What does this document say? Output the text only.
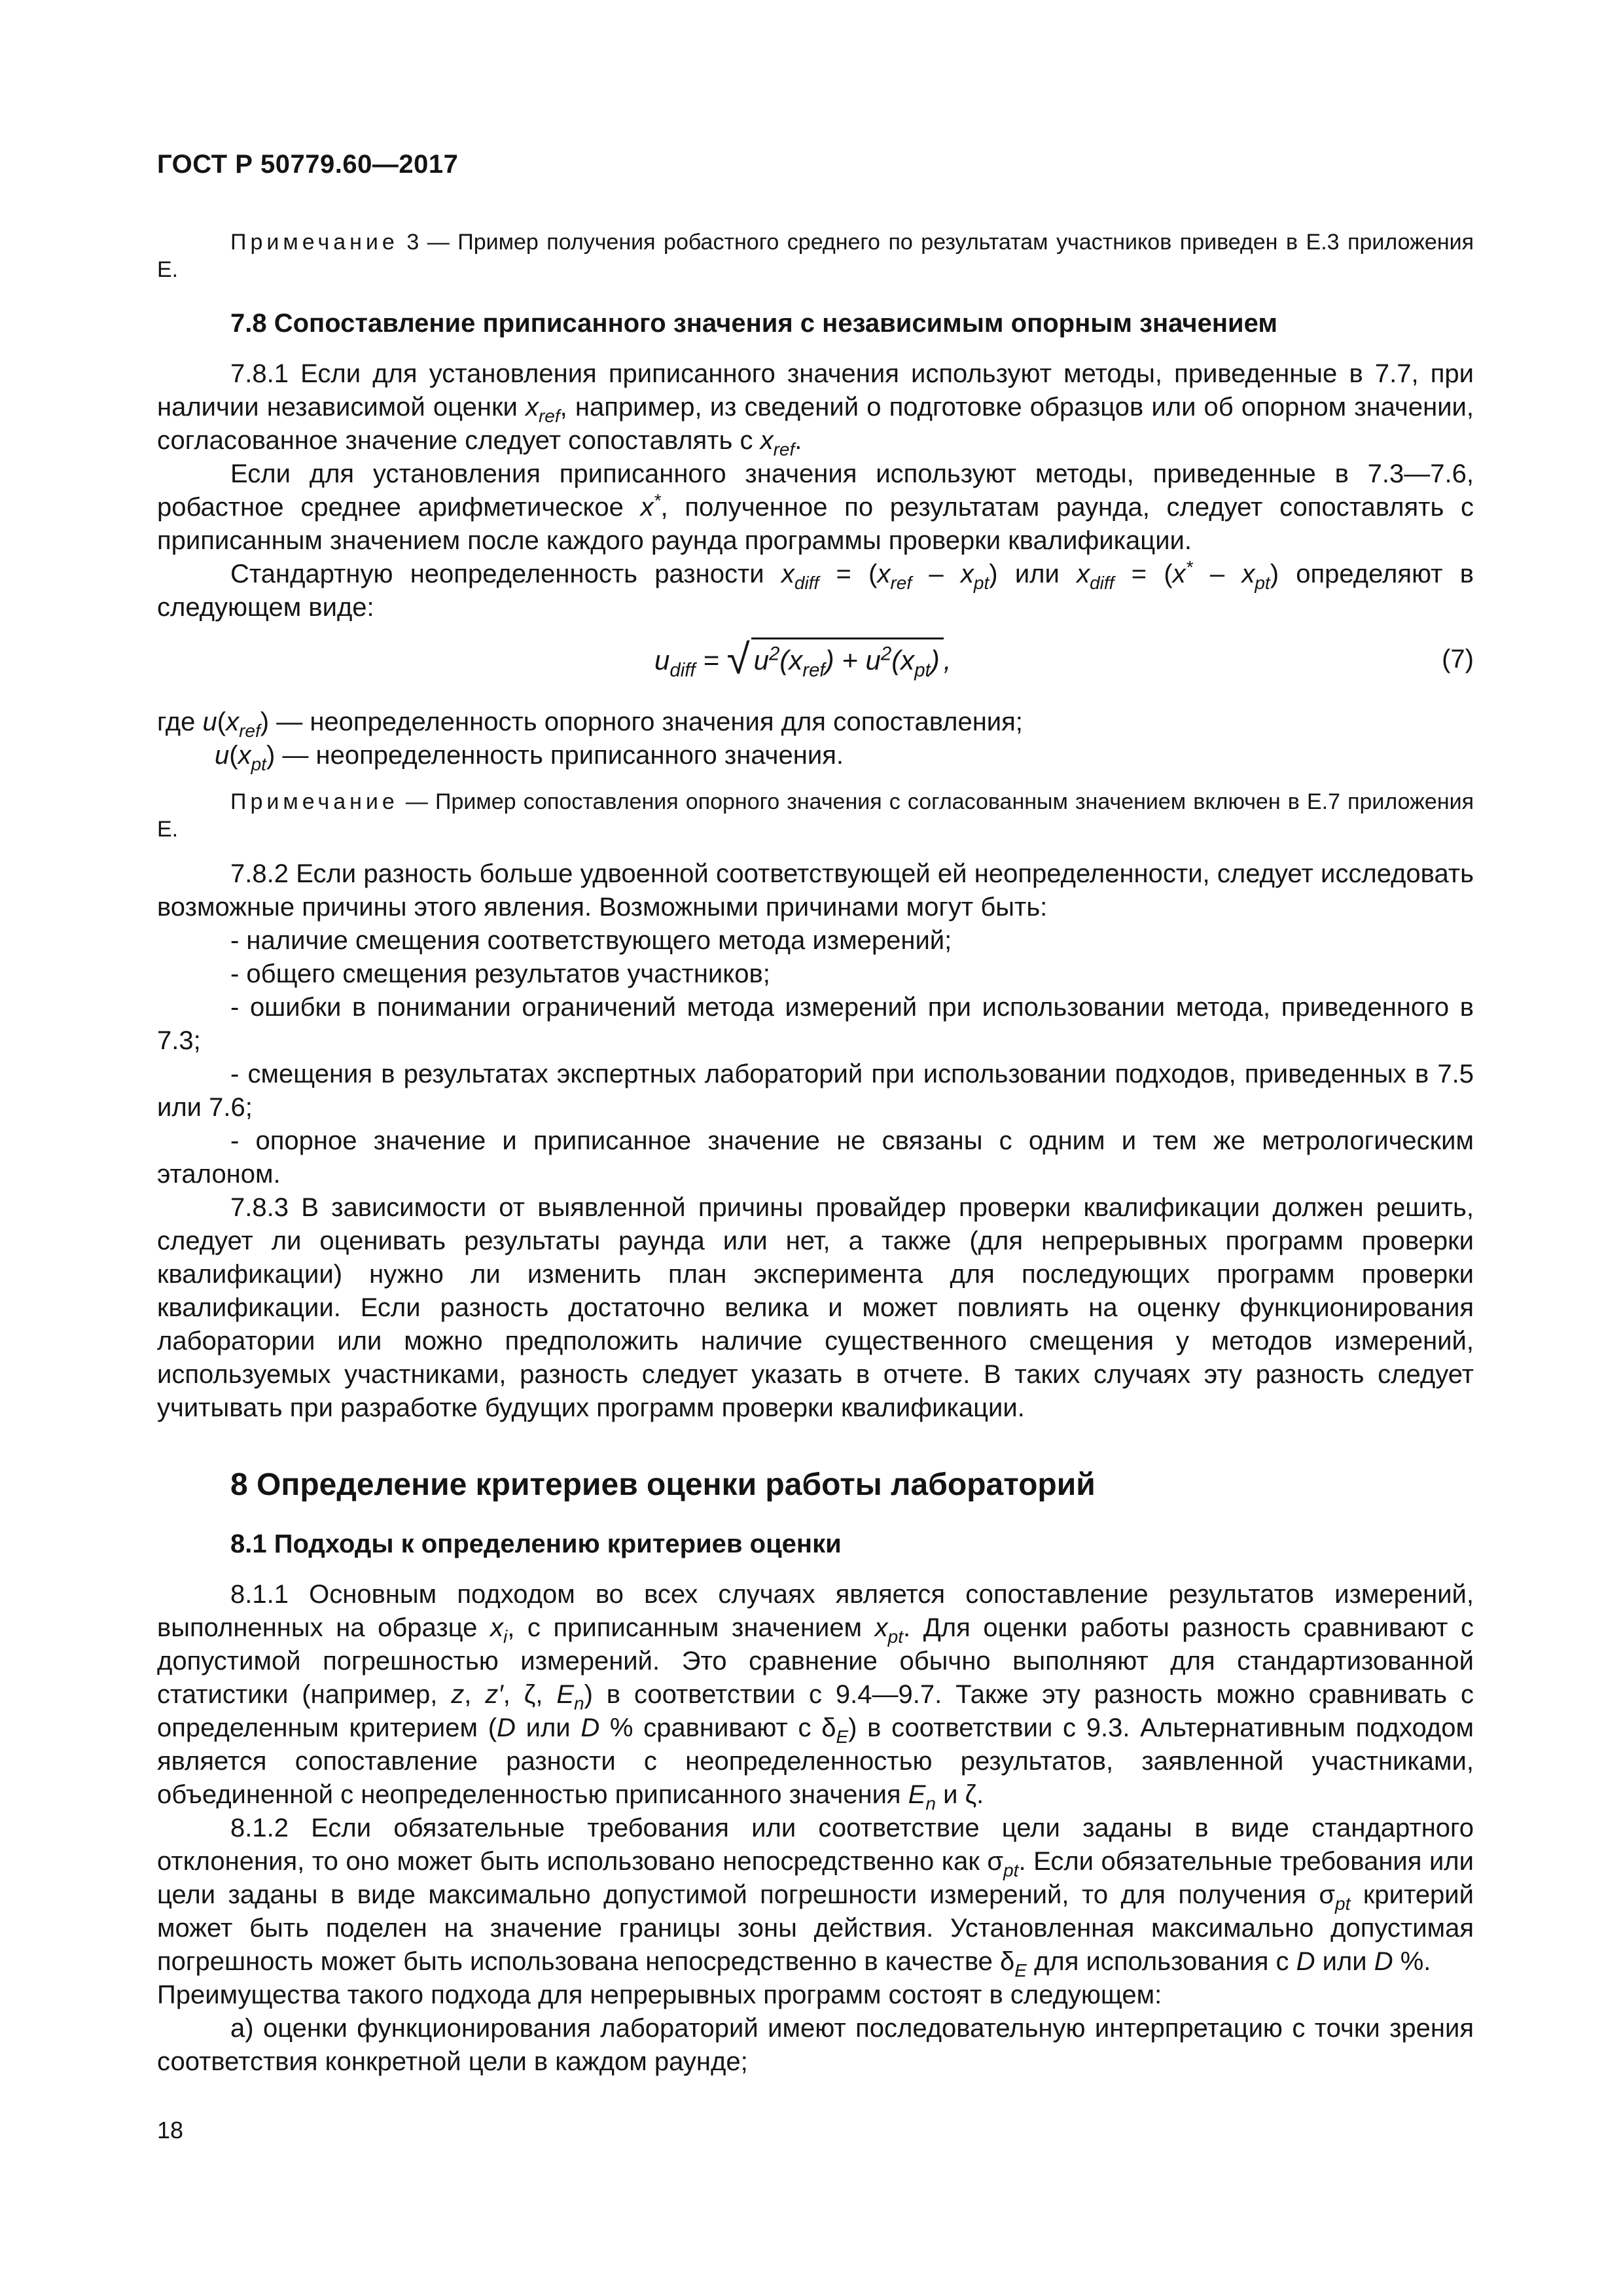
ГОСТ Р 50779.60—2017

Примечание 3 — Пример получения робастного среднего по результатам участников приведен в Е.3 приложения Е.

7.8 Сопоставление приписанного значения с независимым опорным значением

7.8.1 Если для установления приписанного значения используют методы, приведенные в 7.7, при наличии независимой оценки $x_{ref}$, например, из сведений о подготовке образцов или об опорном значении, согласованное значение следует сопоставлять с $x_{ref}$.

Если для установления приписанного значения используют методы, приведенные в 7.3—7.6, робастное среднее арифметическое x*, полученное по результатам раунда, следует сопоставлять с приписанным значением после каждого раунда программы проверки квалификации.

Стандартную неопределенность разности $x_{diff} = (x_{ref} - x_{pt})$ или $x_{diff} = (x^* - x_{pt})$ определяют в следующем виде:

$u_{diff}$ = √ $u^2(x_{ref}) + u^2(x_{pt})$ ,	(7)

где $u(x_{ref})$ — неопределенность опорного значения для сопоставления;

$u(x_{pt})$ — неопределенность приписанного значения.

Примечание — Пример сопоставления опорного значения с согласованным значением включен в Е.7 приложения Е.

7.8.2 Если разность больше удвоенной соответствующей ей неопределенности, следует исследовать возможные причины этого явления. Возможными причинами могут быть:

- наличие смещения соответствующего метода измерений;

- общего смещения результатов участников;

- ошибки в понимании ограничений метода измерений при использовании метода, приведенного в 7.3;

- смещения в результатах экспертных лабораторий при использовании подходов, приведенных в 7.5 или 7.6;

- опорное значение и приписанное значение не связаны с одним и тем же метрологическим эталоном.

7.8.3 В зависимости от выявленной причины провайдер проверки квалификации должен решить, следует ли оценивать результаты раунда или нет, а также (для непрерывных программ проверки квалификации) нужно ли изменить план эксперимента для последующих программ проверки квалификации. Если разность достаточно велика и может повлиять на оценку функционирования лаборатории или можно предположить наличие существенного смещения у методов измерений, используемых участниками, разность следует указать в отчете. В таких случаях эту разность следует учитывать при разработке будущих программ проверки квалификации.

8 Определение критериев оценки работы лабораторий
8.1 Подходы к определению критериев оценки

8.1.1 Основным подходом во всех случаях является сопоставление результатов измерений, выполненных на образце $x_i$, с приписанным значением $x_{pt}$. Для оценки работы разность сравнивают с допустимой погрешностью измерений. Это сравнение обычно выполняют для стандартизованной статистики (например, z, z′, ζ, $E_n$) в соответствии с 9.4—9.7. Также эту разность можно сравнивать с определенным критерием (D или D % сравнивают с $\delta_E$) в соответствии с 9.3. Альтернативным подходом является сопоставление разности с неопределенностью результатов, заявленной участниками, объединенной с неопределенностью приписанного значения $E_n$ и ζ.

8.1.2 Если обязательные требования или соответствие цели заданы в виде стандартного отклонения, то оно может быть использовано непосредственно как $\sigma_{pt}$. Если обязательные требования или цели заданы в виде максимально допустимой погрешности измерений, то для получения $\sigma_{pt}$ критерий может быть поделен на значение границы зоны действия. Установленная максимально допустимая погрешность может быть использована непосредственно в качестве $\delta_E$ для использования с D или D %.

Преимущества такого подхода для непрерывных программ состоят в следующем:

а) оценки функционирования лабораторий имеют последовательную интерпретацию с точки зрения соответствия конкретной цели в каждом раунде;

18
